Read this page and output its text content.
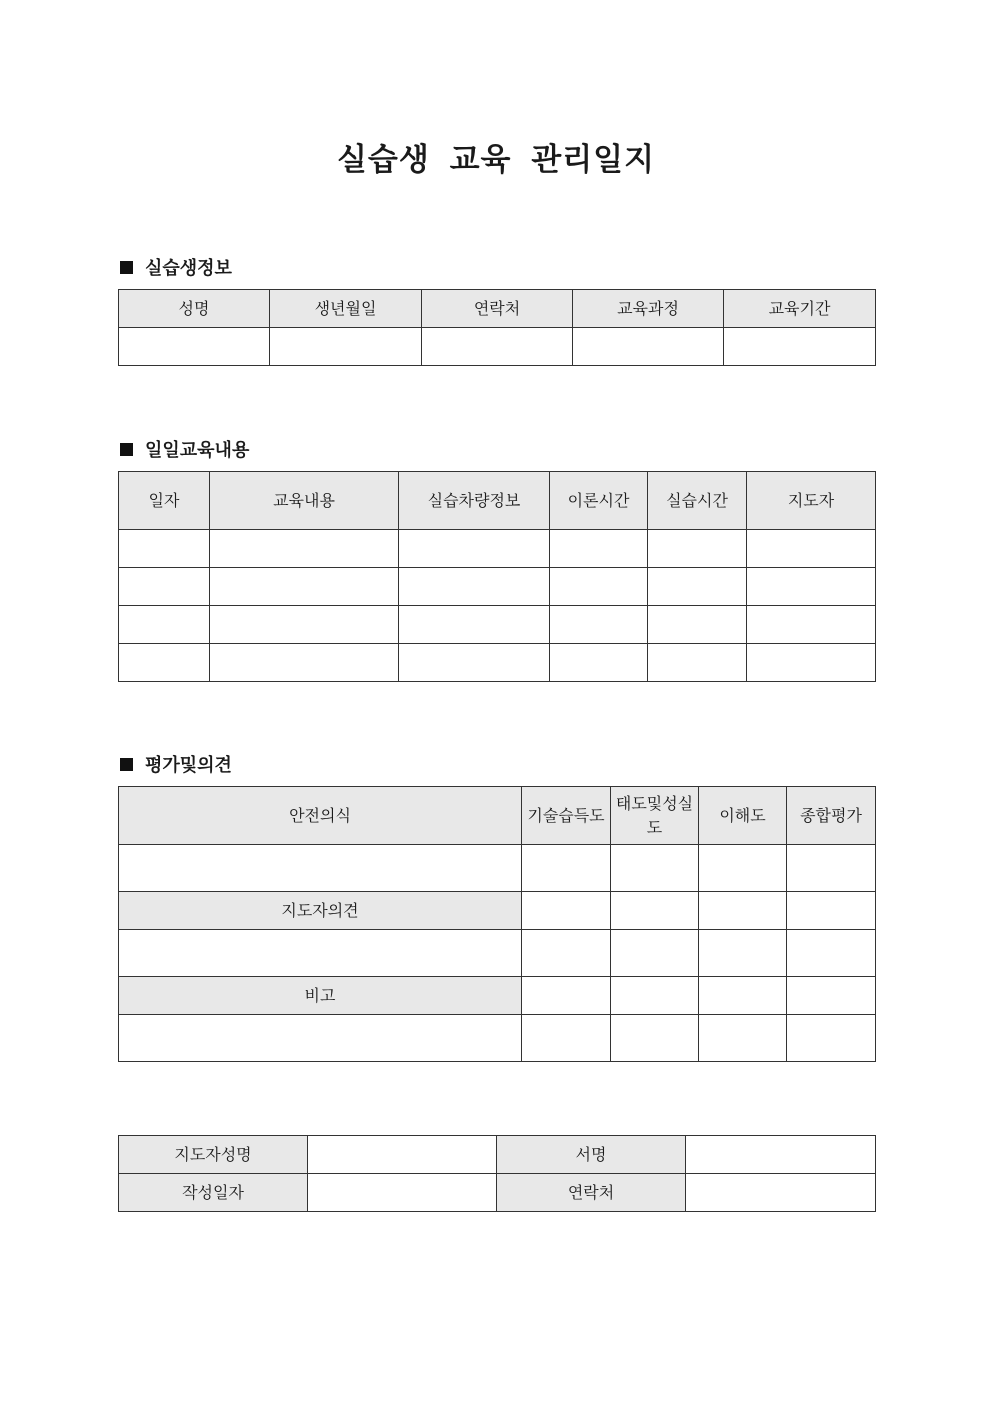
실습생 교육 관리일지
실습생정보
성명	생년월일	연락처	교육과정	교육기간

일일교육내용
일자	교육내용	실습차량정보	이론시간	실습시간	지도자

평가및의견
안전의식	기술습득도	태도및성실도	이해도	종합평가

지도자의견				

비고				

지도자성명		서명	
작성일자		연락처	
